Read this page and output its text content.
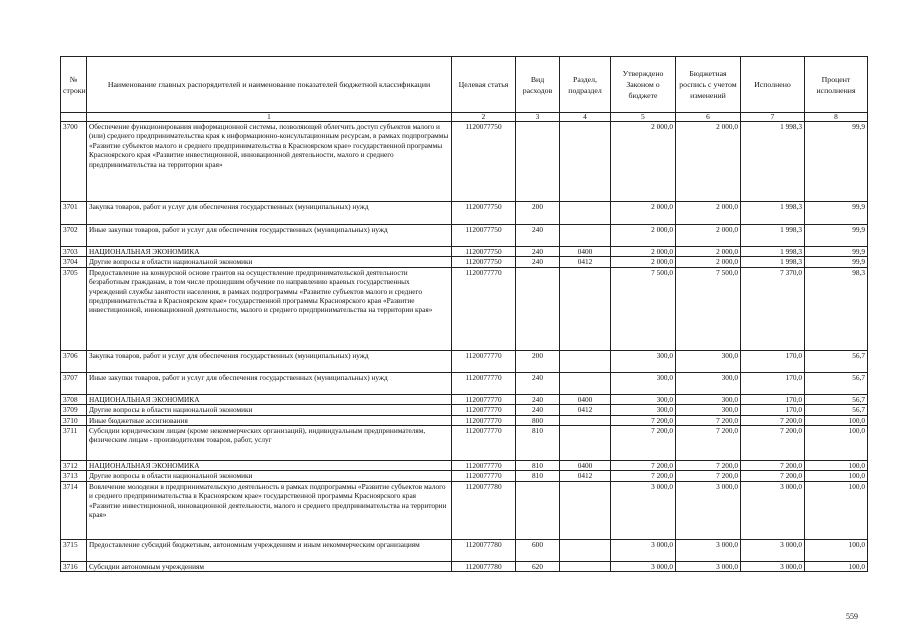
№ строки	Наименование главных распорядителей и наименование показателей бюджетной классификации	Целевая статья	Вид расходов	Раздел, подраздел	Утверждено Законом о бюджете	Бюджетная роспись с учетом изменений	Исполнено	Процент исполнения
	1	2	3	4	5	6	7	8
3700	Обеспечение функционирования информационной системы, позволяющей облегчить доступ субъектов малого и (или) среднего предпринимательства края к информационно-консультационным ресурсам, в рамках подпрограммы «Развитие субъектов малого и среднего предпринимательства в Красноярском крае» государственной программы Красноярского края «Развитие инвестиционной, инновационной деятельности, малого и среднего предпринимательства на территории края»	1120077750			2 000,0	2 000,0	1 998,3	99,9
3701	Закупка товаров, работ и услуг для обеспечения государственных (муниципальных) нужд	1120077750	200		2 000,0	2 000,0	1 998,3	99,9
3702	Иные закупки товаров, работ и услуг для обеспечения государственных (муниципальных) нужд	1120077750	240		2 000,0	2 000,0	1 998,3	99,9
3703	НАЦИОНАЛЬНАЯ ЭКОНОМИКА	1120077750	240	0400	2 000,0	2 000,0	1 998,3	99,9
3704	Другие вопросы в области национальной экономики	1120077750	240	0412	2 000,0	2 000,0	1 998,3	99,9
3705	Предоставление на конкурсной основе грантов на осуществление предпринимательской деятельности безработным гражданам, в том числе прошедшим обучение по направлению краевых государственных учреждений службы занятости населения, в рамках подпрограммы «Развитие субъектов малого и среднего предпринимательства в Красноярском крае» государственной программы Красноярского края «Развитие инвестиционной, инновационной деятельности, малого и среднего предпринимательства на территории края»	1120077770			7 500,0	7 500,0	7 370,0	98,3
3706	Закупка товаров, работ и услуг для обеспечения государственных (муниципальных) нужд	1120077770	200		300,0	300,0	170,0	56,7
3707	Иные закупки товаров, работ и услуг для обеспечения государственных (муниципальных) нужд	1120077770	240		300,0	300,0	170,0	56,7
3708	НАЦИОНАЛЬНАЯ ЭКОНОМИКА	1120077770	240	0400	300,0	300,0	170,0	56,7
3709	Другие вопросы в области национальной экономики	1120077770	240	0412	300,0	300,0	170,0	56,7
3710	Иные бюджетные ассигнования	1120077770	800		7 200,0	7 200,0	7 200,0	100,0
3711	Субсидии юридическим лицам (кроме некоммерческих организаций), индивидуальным предпринимателям, физическим лицам - производителям товаров, работ, услуг	1120077770	810		7 200,0	7 200,0	7 200,0	100,0
3712	НАЦИОНАЛЬНАЯ ЭКОНОМИКА	1120077770	810	0400	7 200,0	7 200,0	7 200,0	100,0
3713	Другие вопросы в области национальной экономики	1120077770	810	0412	7 200,0	7 200,0	7 200,0	100,0
3714	Вовлечение молодежи в предпринимательскую деятельность в рамках подпрограммы «Развитие субъектов малого и среднего предпринимательства в Красноярском крае» государственной программы Красноярского края «Развитие инвестиционной, инновационной деятельности, малого и среднего предпринимательства на территории края»	1120077780			3 000,0	3 000,0	3 000,0	100,0
3715	Предоставление субсидий бюджетным, автономным учреждениям и иным некоммерческим организациям	1120077780	600		3 000,0	3 000,0	3 000,0	100,0
3716	Субсидии автономным учреждениям	1120077780	620		3 000,0	3 000,0	3 000,0	100,0
559
